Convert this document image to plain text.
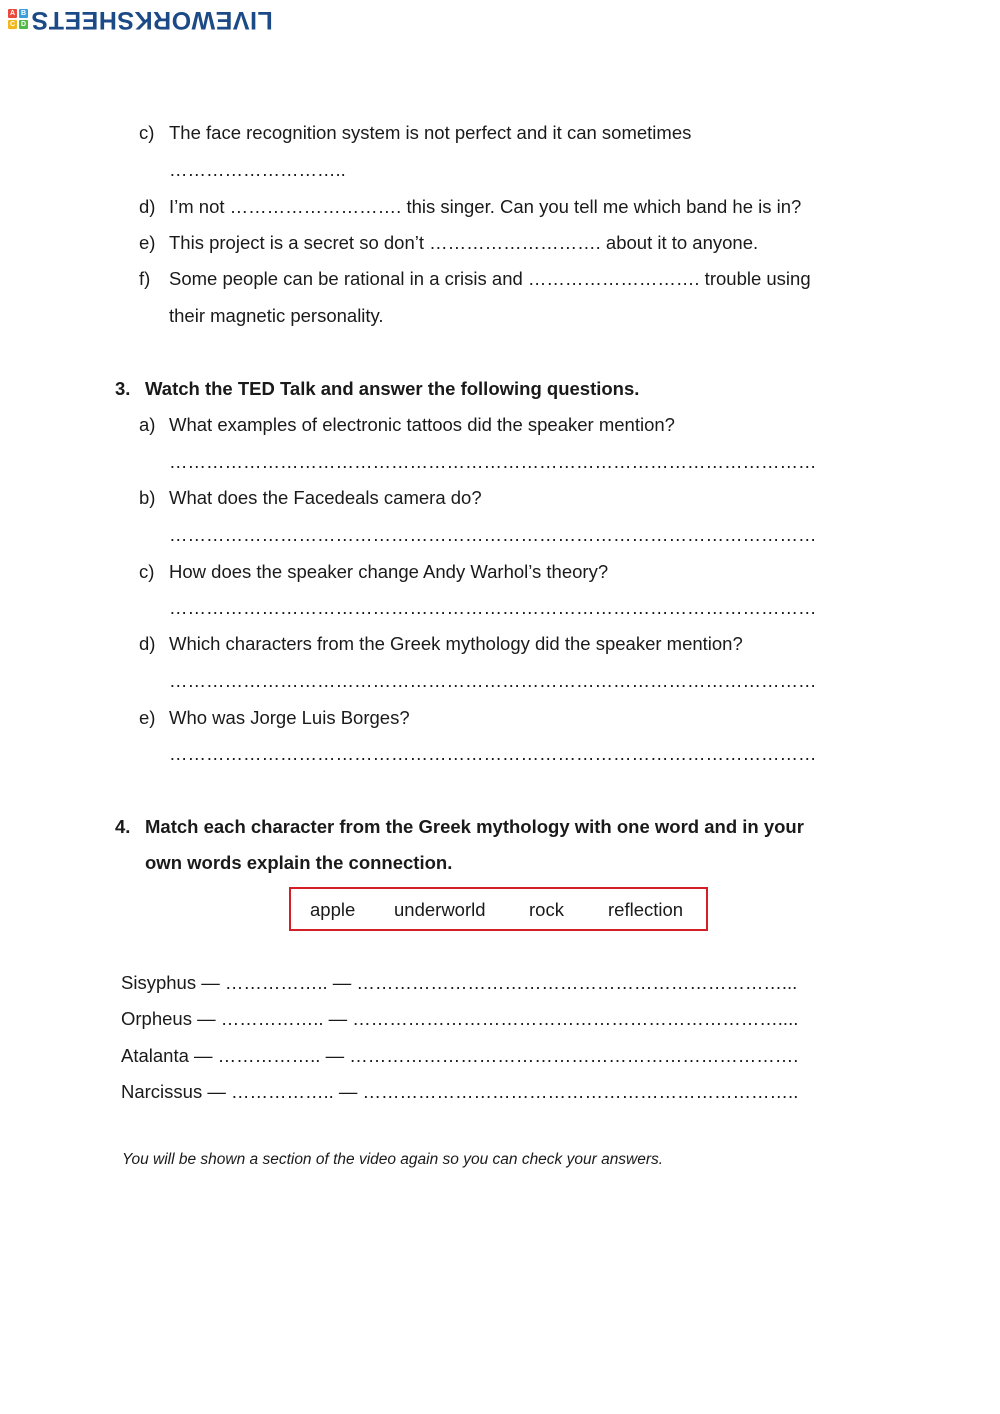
A B
C D LIVEWORKSHEETS
c) The face recognition system is not perfect and it can sometimes
………………………..
d) I’m not ………………………. this singer. Can you tell me which band he is in?
e) This project is a secret so don’t ………………………. about it to anyone.
f) Some people can be rational in a crisis and ………………………. trouble using
their magnetic personality.
3. Watch the TED Talk and answer the following questions.
a) What examples of electronic tattoos did the speaker mention?
……………………………………………………………………………………………
b) What does the Facedeals camera do?
……………………………………………………………………………………………
c) How does the speaker change Andy Warhol’s theory?
……………………………………………………………………………………………
d) Which characters from the Greek mythology did the speaker mention?
……………………………………………………………………………………………
e) Who was Jorge Luis Borges?
……………………………………………………………………………………………
4. Match each character from the Greek mythology with one word and in your
own words explain the connection.
apple underworld rock reflection
Sisyphus — …………….. — ……………………………………………………………...
Orpheus — …………….. — ……………………………………………………………....
Atalanta — …………….. — ……………………………………………………………….
Narcissus — …………….. — ……………………………………………………………..
You will be shown a section of the video again so you can check your answers.
